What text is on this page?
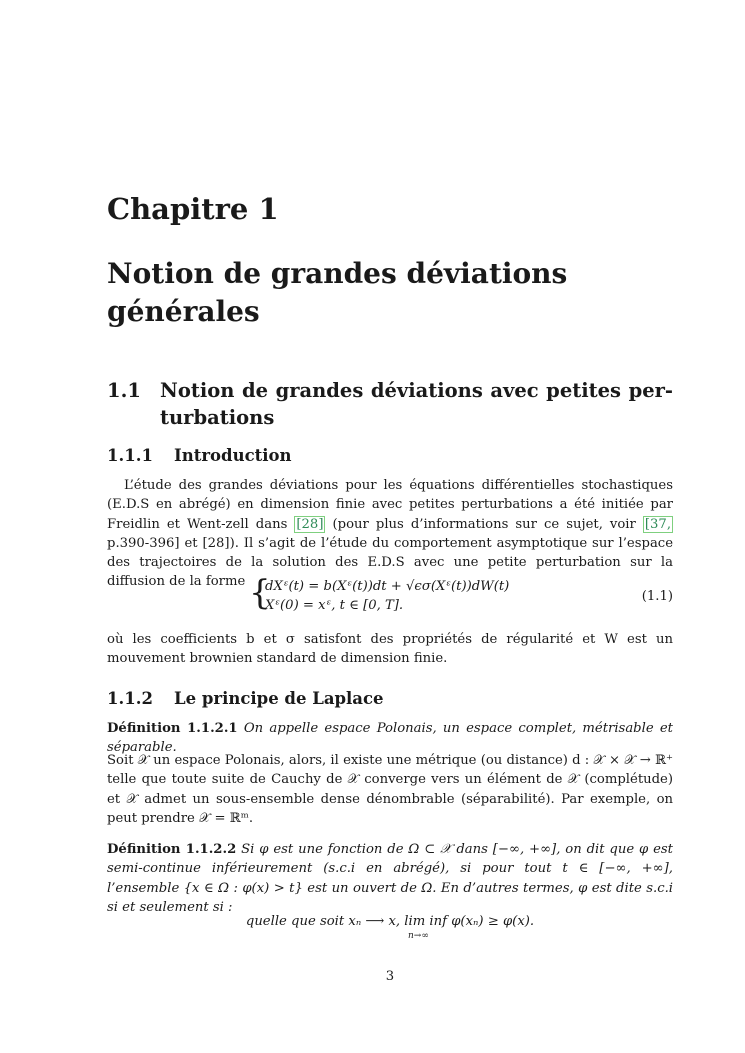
Chapitre 1
Notion de grandes déviations
générales
1.1 Notion de grandes déviations avec petites per-turbations
1.1.1 Introduction
L’étude des grandes déviations pour les équations différentielles stochastiques (E.D.S en abrégé) en dimension finie avec petites perturbations a été initiée par Freidlin et Went-zell dans [28] (pour plus d’informations sur ce sujet, voir [37, p.390-396] et [28]). Il s’agit de l’étude du comportement asymptotique sur l’espace des trajectoires de la solution des E.D.S avec une petite perturbation sur la diffusion de la forme {
dXᵋ(t) = b(Xᵋ(t))dt + √ϵσ(Xᵋ(t))dW(t)
Xᵋ(0) = xᵋ, t ∈ [0, T].
(1.1)
où les coefficients b et σ satisfont des propriétés de régularité et W est un mouvement brownien standard de dimension finie.
1.1.2 Le principe de Laplace
Définition 1.1.2.1 On appelle espace Polonais, un espace complet, métrisable et séparable.
Soit 𝒳 un espace Polonais, alors, il existe une métrique (ou distance) d : 𝒳 × 𝒳 → ℝ⁺ telle que toute suite de Cauchy de 𝒳 converge vers un élément de 𝒳 (complétude) et 𝒳 admet un sous-ensemble dense dénombrable (séparabilité). Par exemple, on peut prendre 𝒳 = ℝᵐ.
Définition 1.1.2.2 Si φ est une fonction de Ω ⊂ 𝒳 dans [−∞, +∞], on dit que φ est semi-continue inférieurement (s.c.i en abrégé), si pour tout t ∈ [−∞, +∞], l’ensemble {x ∈ Ω : φ(x) > t} est un ouvert de Ω. En d’autres termes, φ est dite s.c.i si et seulement si :
quelle que soit xₙ ⟶ x, lim inf φ(xₙ) ≥ φ(x).
n→∞
3
